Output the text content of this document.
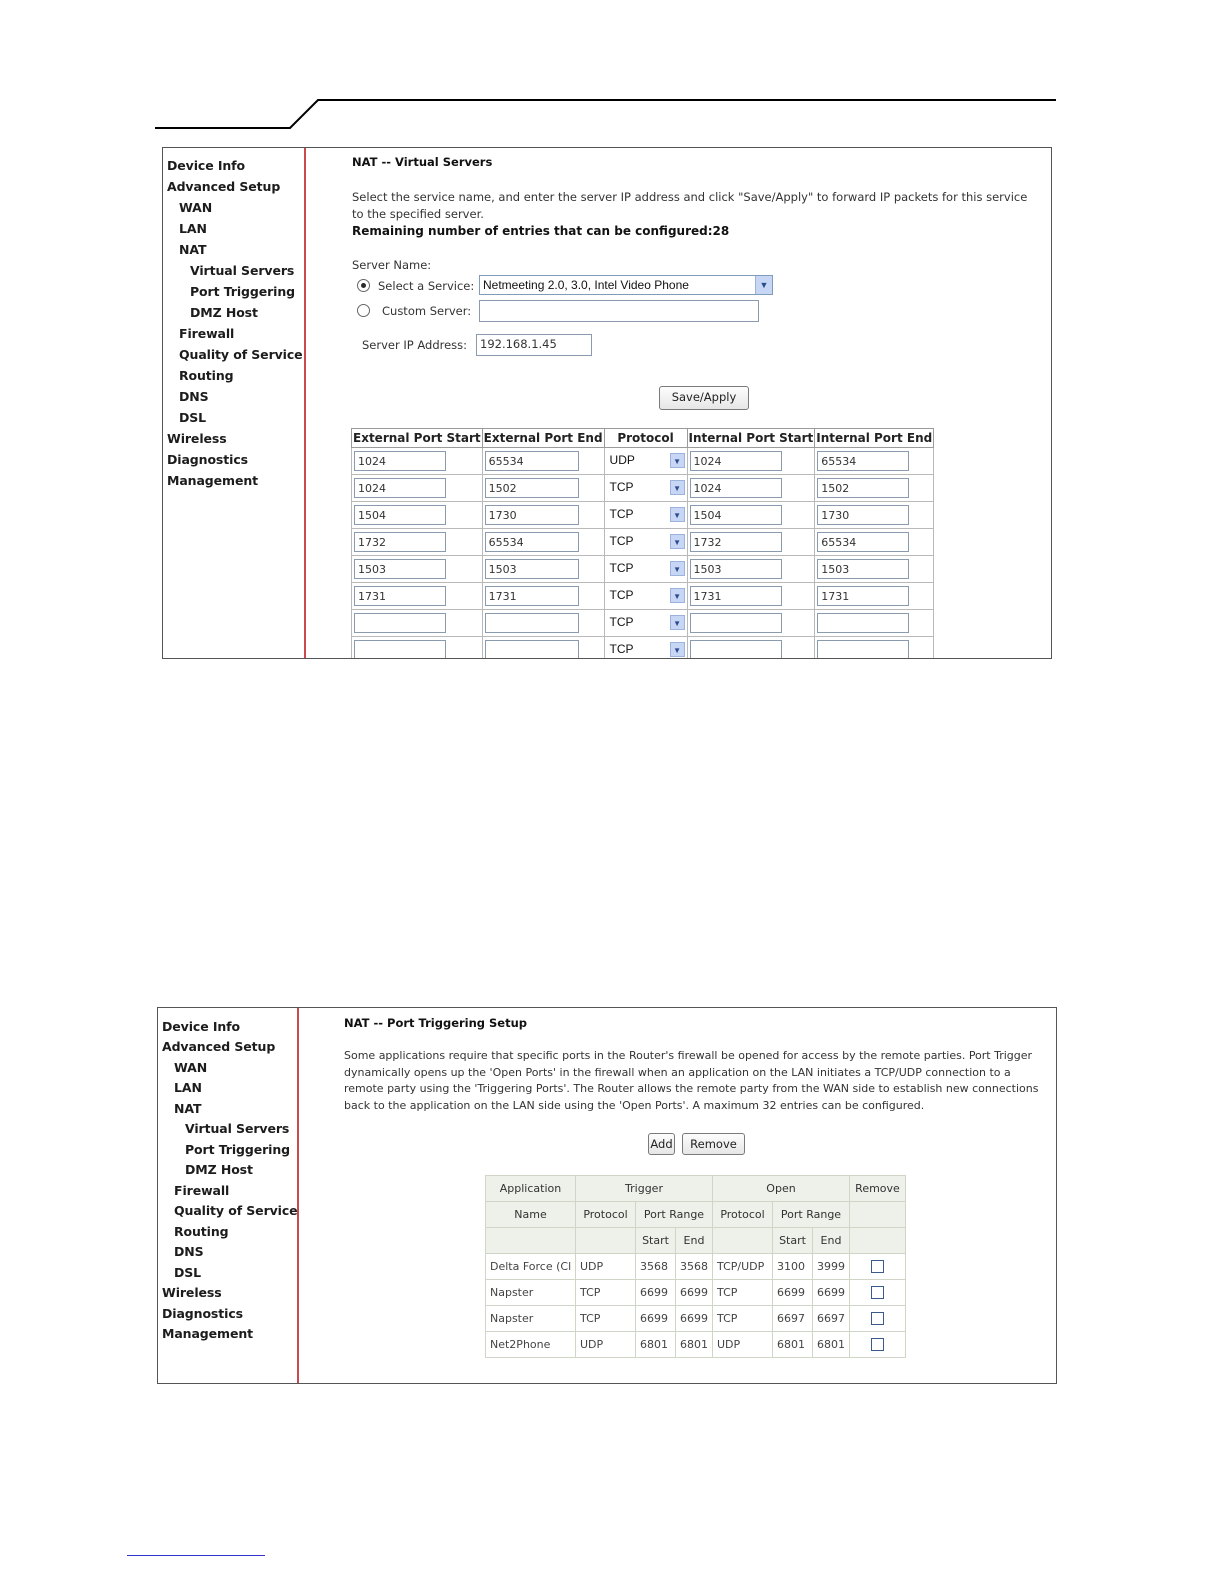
Device Info
Advanced Setup
WAN
LAN
NAT
Virtual Servers
Port Triggering
DMZ Host
Firewall
Quality of Service
Routing
DNS
DSL
Wireless
Diagnostics
Management
NAT -- Virtual Servers
Select the service name, and enter the server IP address and click "Save/Apply" to forward IP packets for this service to the specified server.
Remaining number of entries that can be configured:28
Server Name:
Select a Service: Netmeeting 2.0, 3.0, Intel Video Phone	▼
Custom Server:
Server IP Address:	192.168.1.45
Save/Apply
External Port Start	External Port End	Protocol	Internal Port Start	Internal Port End

1024	65534	UDP ▼	1024	65534

1024	1502	TCP ▼	1024	1502

1504	1730	TCP ▼	1504	1730

1732	65534	TCP ▼	1732	65534

1503	1503	TCP ▼	1503	1503

1731	1731	TCP ▼	1731	1731

TCP ▼

TCP ▼

Device Info
Advanced Setup
WAN
LAN
NAT
Virtual Servers
Port Triggering
DMZ Host
Firewall
Quality of Service
Routing
DNS
DSL
Wireless
Diagnostics
Management
NAT -- Port Triggering Setup
Some applications require that specific ports in the Router's firewall be opened for access by the remote parties. Port Trigger dynamically opens up the 'Open Ports' in the firewall when an application on the LAN initiates a TCP/UDP connection to a remote party using the 'Triggering Ports'. The Router allows the remote party from the WAN side to establish new connections back to the application on the LAN side using the 'Open Ports'. A maximum 32 entries can be configured.
Add	Remove
Application	Trigger			Open			Remove
Name	Protocol	Port Range		Protocol	Port Range		
		Start	End		Start	End	
Delta Force (Cl	UDP	3568	3568	TCP/UDP	3100	3999	
Napster	TCP	6699	6699	TCP	6699	6699	
Napster	TCP	6699	6699	TCP	6697	6697	
Net2Phone	UDP	6801	6801	UDP	6801	6801	
